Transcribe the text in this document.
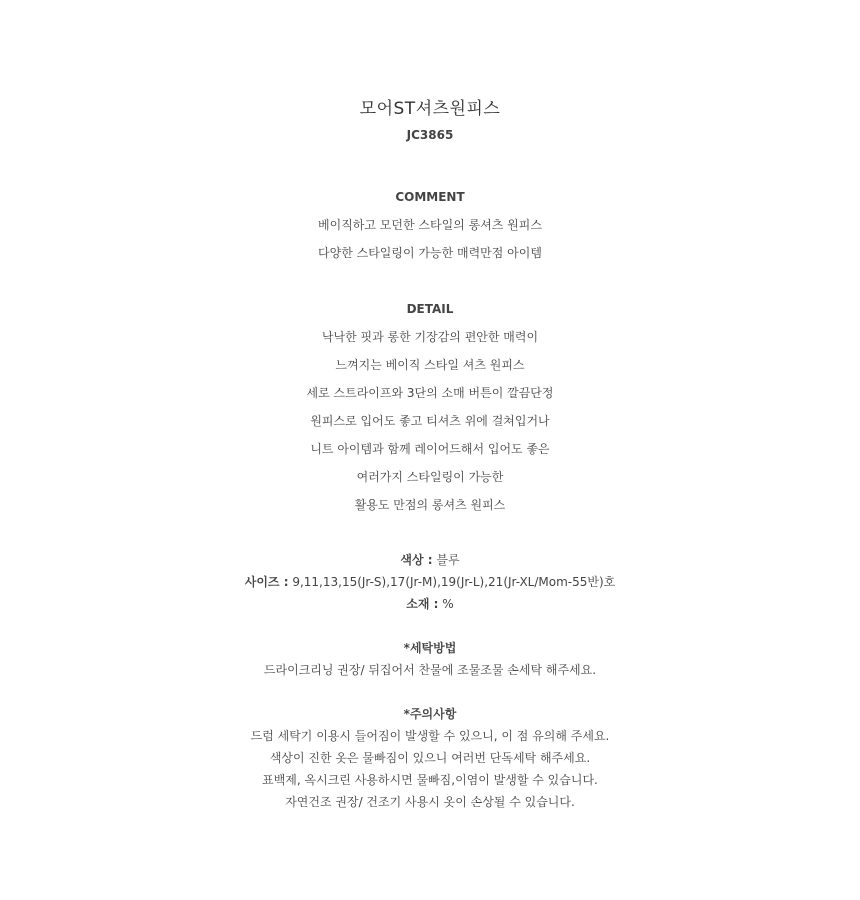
모어ST셔츠원피스
JC3865
COMMENT
베이직하고 모던한 스타일의 롱셔츠 원피스
다양한 스타일링이 가능한 매력만점 아이템
DETAIL
낙낙한 핏과 롱한 기장감의 편안한 매력이
느껴지는 베이직 스타일 셔츠 원피스
세로 스트라이프와 3단의 소매 버튼이 깔끔단정
원피스로 입어도 좋고 티셔츠 위에 걸쳐입거나
니트 아이템과 함께 레이어드해서 입어도 좋은
여러가지 스타일링이 가능한
활용도 만점의 롱셔츠 원피스
색상 : 블루
사이즈 : 9,11,13,15(Jr-S),17(Jr-M),19(Jr-L),21(Jr-XL/Mom-55반)호
소재 : %
*세탁방법
드라이크리닝 권장/ 뒤집어서 찬물에 조물조물 손세탁 해주세요.
*주의사항
드럼 세탁기 이용시 들어짐이 발생할 수 있으니, 이 점 유의해 주세요.
색상이 진한 옷은 물빠짐이 있으니 여러번 단독세탁 해주세요.
표백제, 옥시크린 사용하시면 물빠짐,이염이 발생할 수 있습니다.
자연건조 권장/ 건조기 사용시 옷이 손상될 수 있습니다.
